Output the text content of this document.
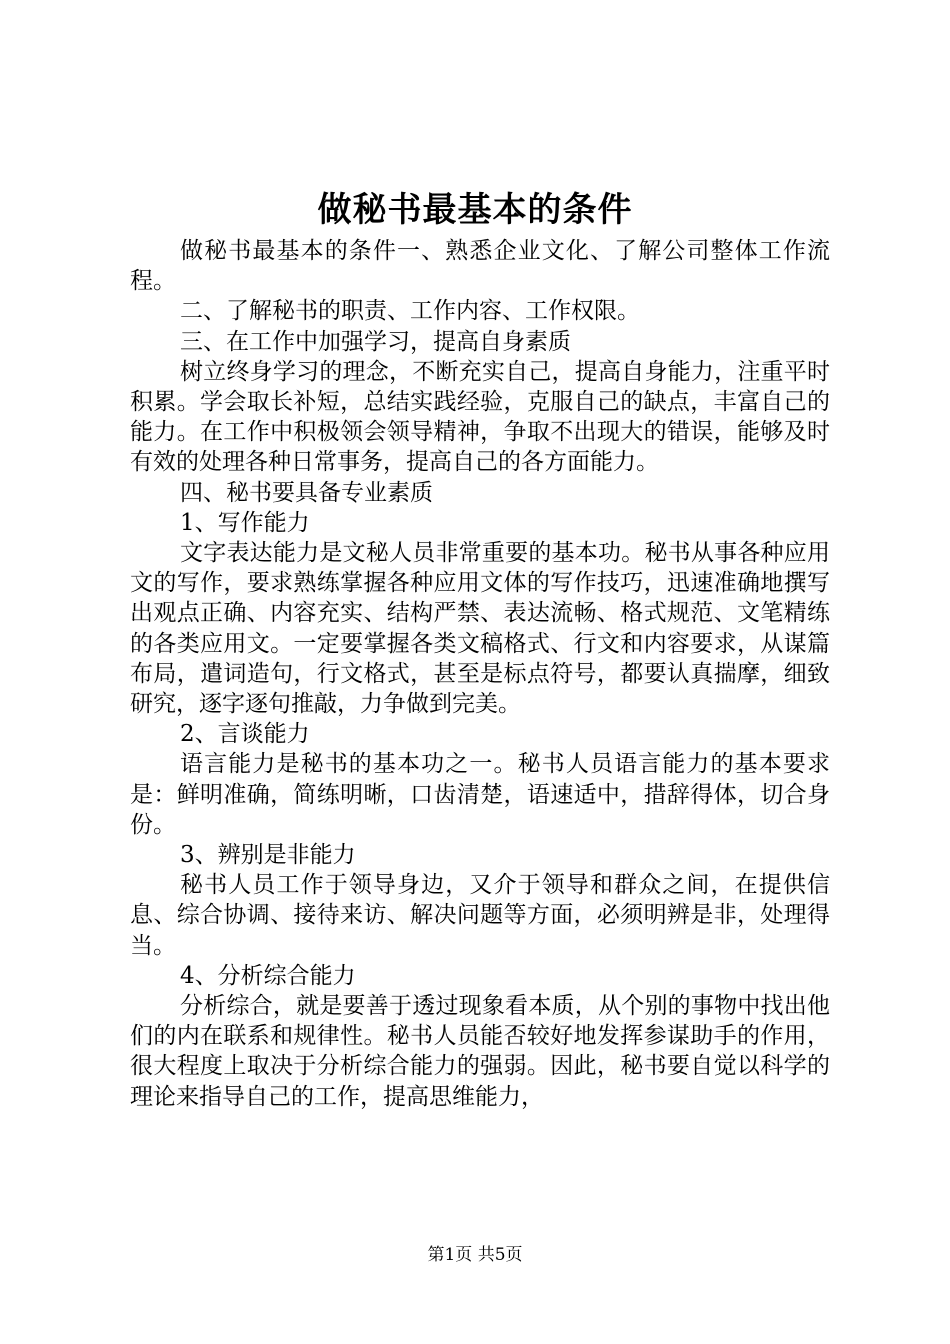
做秘书最基本的条件

做秘书最基本的条件一、熟悉企业文化、了解公司整体工作流程。

二、了解秘书的职责、工作内容、工作权限。

三、在工作中加强学习，提高自身素质

树立终身学习的理念，不断充实自己，提高自身能力，注重平时积累。学会取长补短，总结实践经验，克服自己的缺点，丰富自己的能力。在工作中积极领会领导精神，争取不出现大的错误，能够及时有效的处理各种日常事务，提高自己的各方面能力。

四、秘书要具备专业素质

1、写作能力

文字表达能力是文秘人员非常重要的基本功。秘书从事各种应用文的写作，要求熟练掌握各种应用文体的写作技巧，迅速准确地撰写出观点正确、内容充实、结构严禁、表达流畅、格式规范、文笔精练的各类应用文。一定要掌握各类文稿格式、行文和内容要求，从谋篇布局，遣词造句，行文格式，甚至是标点符号，都要认真揣摩，细致研究，逐字逐句推敲，力争做到完美。

2、言谈能力

语言能力是秘书的基本功之一。秘书人员语言能力的基本要求是：鲜明准确，简练明晰，口齿清楚，语速适中，措辞得体，切合身份。

3、辨别是非能力

秘书人员工作于领导身边，又介于领导和群众之间，在提供信息、综合协调、接待来访、解决问题等方面，必须明辨是非，处理得当。

4、分析综合能力

分析综合，就是要善于透过现象看本质，从个别的事物中找出他们的内在联系和规律性。秘书人员能否较好地发挥参谋助手的作用，很大程度上取决于分析综合能力的强弱。因此，秘书要自觉以科学的理论来指导自己的工作，提高思维能力，

第1页 共5页
